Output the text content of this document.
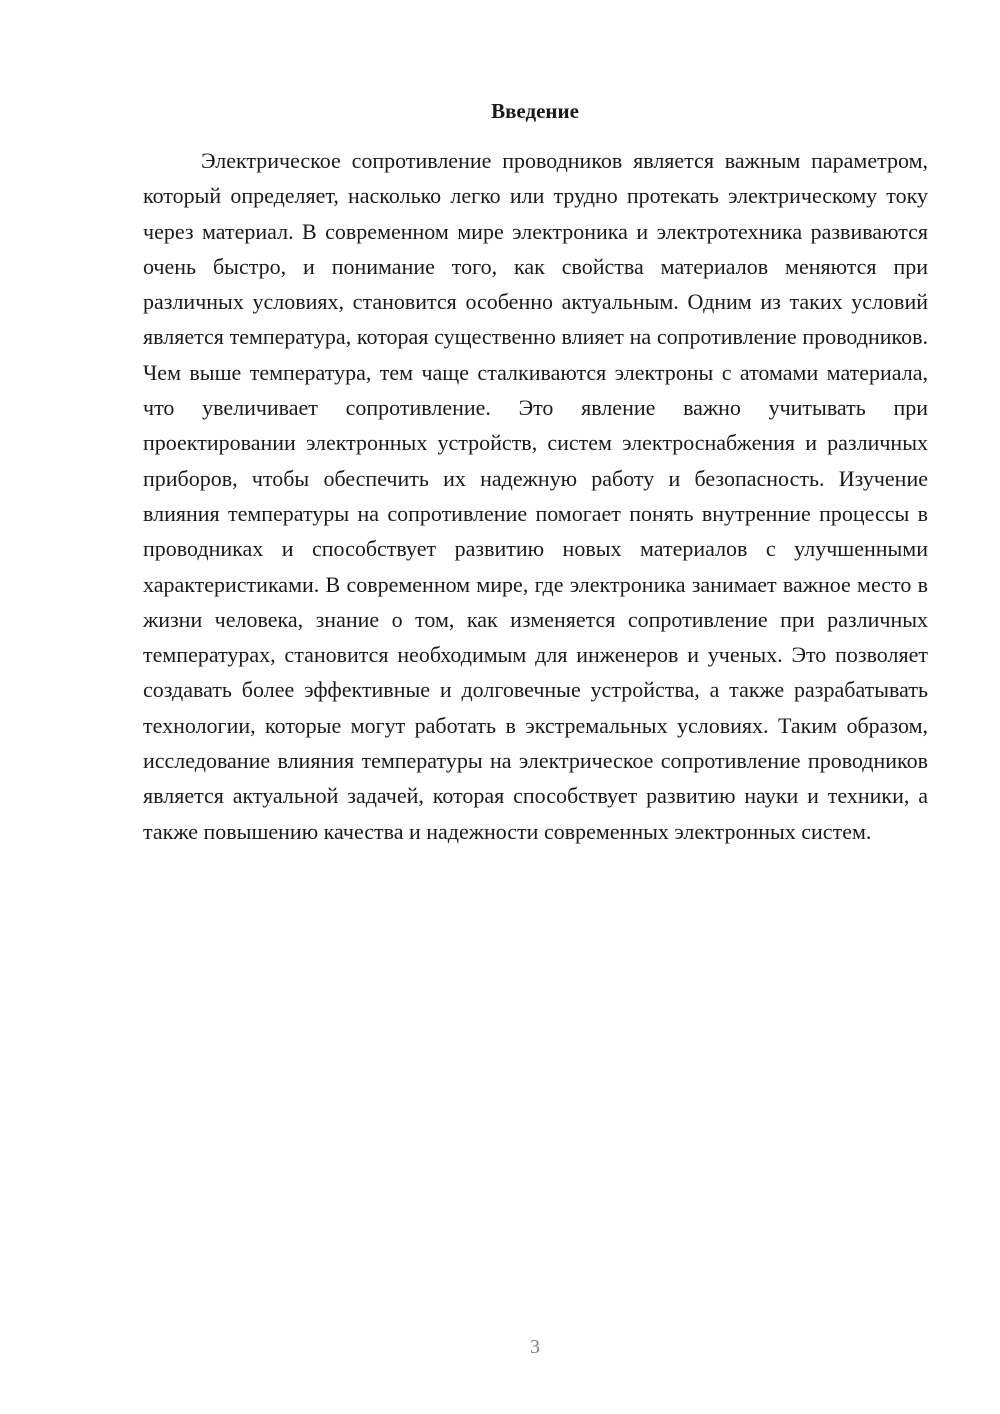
Введение

Электрическое сопротивление проводников является важным параметром, который определяет, насколько легко или трудно протекать электрическому току через материал. В современном мире электроника и электротехника развиваются очень быстро, и понимание того, как свойства материалов меняются при различных условиях, становится особенно актуальным. Одним из таких условий является температура, которая существенно влияет на сопротивление проводников. Чем выше температура, тем чаще сталкиваются электроны с атомами материала, что увеличивает сопротивление. Это явление важно учитывать при проектировании электронных устройств, систем электроснабжения и различных приборов, чтобы обеспечить их надежную работу и безопасность. Изучение влияния температуры на сопротивление помогает понять внутренние процессы в проводниках и способствует развитию новых материалов с улучшенными характеристиками. В современном мире, где электроника занимает важное место в жизни человека, знание о том, как изменяется сопротивление при различных температурах, становится необходимым для инженеров и ученых. Это позволяет создавать более эффективные и долговечные устройства, а также разрабатывать технологии, которые могут работать в экстремальных условиях. Таким образом, исследование влияния температуры на электрическое сопротивление проводников является актуальной задачей, которая способствует развитию науки и техники, а также повышению качества и надежности современных электронных систем.

3
